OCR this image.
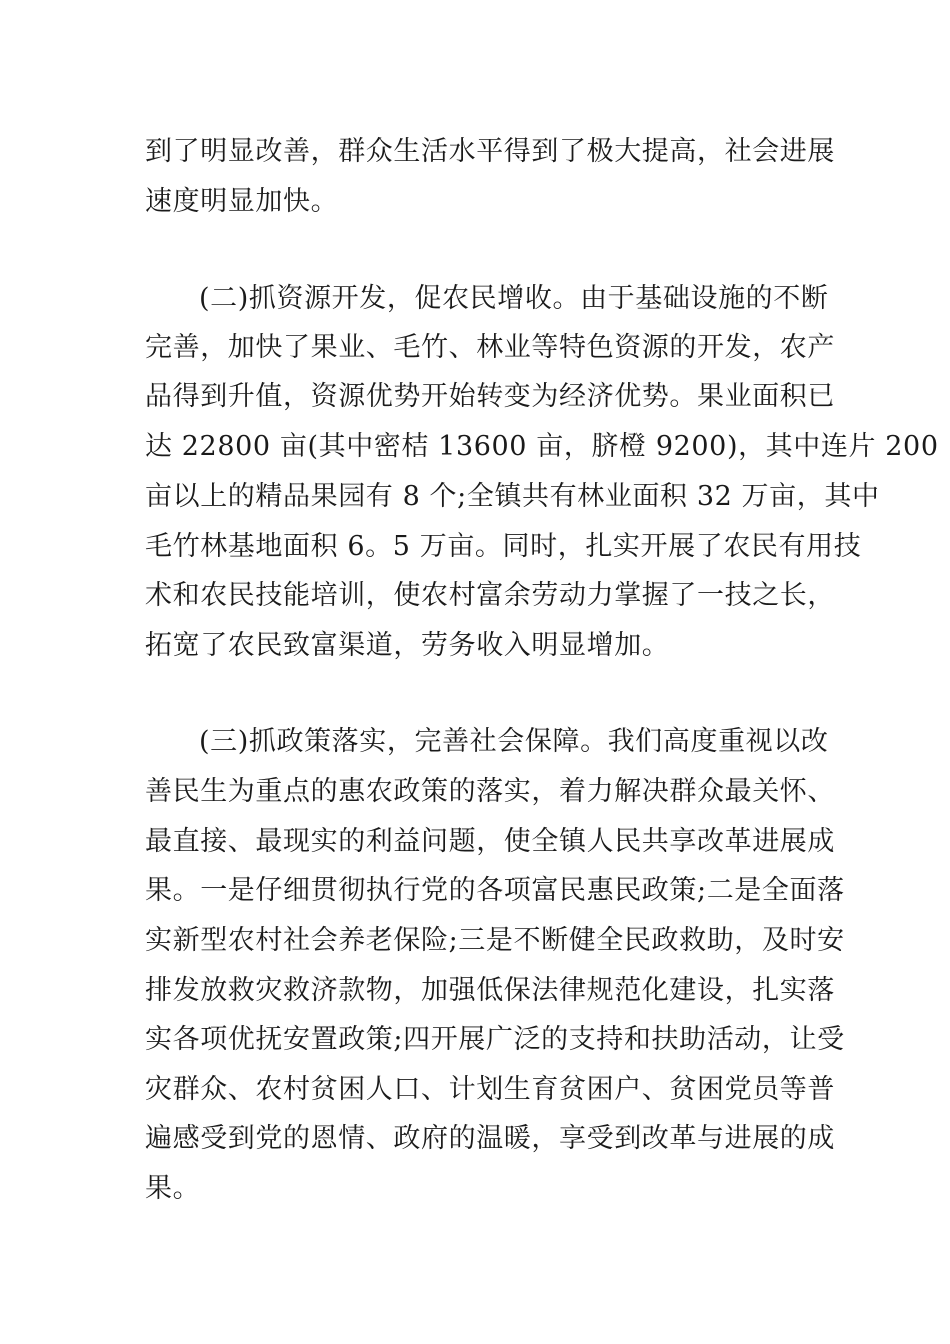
到了明显改善，群众生活水平得到了极大提高，社会进展
速度明显加快。
(二)抓资源开发，促农民增收。由于基础设施的不断
完善，加快了果业、毛竹、林业等特色资源的开发，农产
品得到升值，资源优势开始转变为经济优势。果业面积已
达 22800 亩(其中密桔 13600 亩，脐橙 9200)，其中连片 200
亩以上的精品果园有 8 个;全镇共有林业面积 32 万亩，其中
毛竹林基地面积 6。5 万亩。同时，扎实开展了农民有用技
术和农民技能培训，使农村富余劳动力掌握了一技之长，
拓宽了农民致富渠道，劳务收入明显增加。
(三)抓政策落实，完善社会保障。我们高度重视以改
善民生为重点的惠农政策的落实，着力解决群众最关怀、
最直接、最现实的利益问题，使全镇人民共享改革进展成
果。一是仔细贯彻执行党的各项富民惠民政策;二是全面落
实新型农村社会养老保险;三是不断健全民政救助，及时安
排发放救灾救济款物，加强低保法律规范化建设，扎实落
实各项优抚安置政策;四开展广泛的支持和扶助活动，让受
灾群众、农村贫困人口、计划生育贫困户、贫困党员等普
遍感受到党的恩情、政府的温暖，享受到改革与进展的成
果。
